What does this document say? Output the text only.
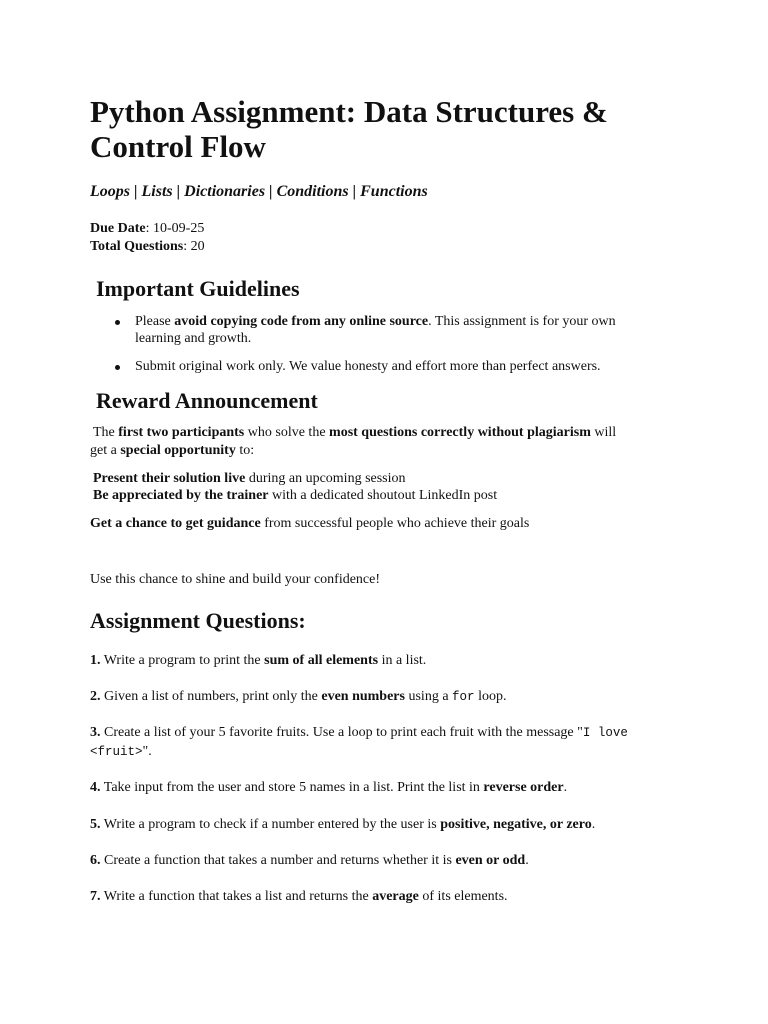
Python Assignment: Data Structures & Control Flow
Loops | Lists | Dictionaries | Conditions | Functions
Due Date: 10-09-25
Total Questions: 20
Important Guidelines
Please avoid copying code from any online source. This assignment is for your own
learning and growth.
Submit original work only. We value honesty and effort more than perfect answers.
Reward Announcement
The first two participants who solve the most questions correctly without plagiarism will
get a special opportunity to:
Present their solution live during an upcoming session
Be appreciated by the trainer with a dedicated shoutout LinkedIn post
Get a chance to get guidance from successful people who achieve their goals
Use this chance to shine and build your confidence!
Assignment Questions:
1. Write a program to print the sum of all elements in a list.
2. Given a list of numbers, print only the even numbers using a for loop.
3. Create a list of your 5 favorite fruits. Use a loop to print each fruit with the message "I love
<fruit>".
4. Take input from the user and store 5 names in a list. Print the list in reverse order.
5. Write a program to check if a number entered by the user is positive, negative, or zero.
6. Create a function that takes a number and returns whether it is even or odd.
7. Write a function that takes a list and returns the average of its elements.
